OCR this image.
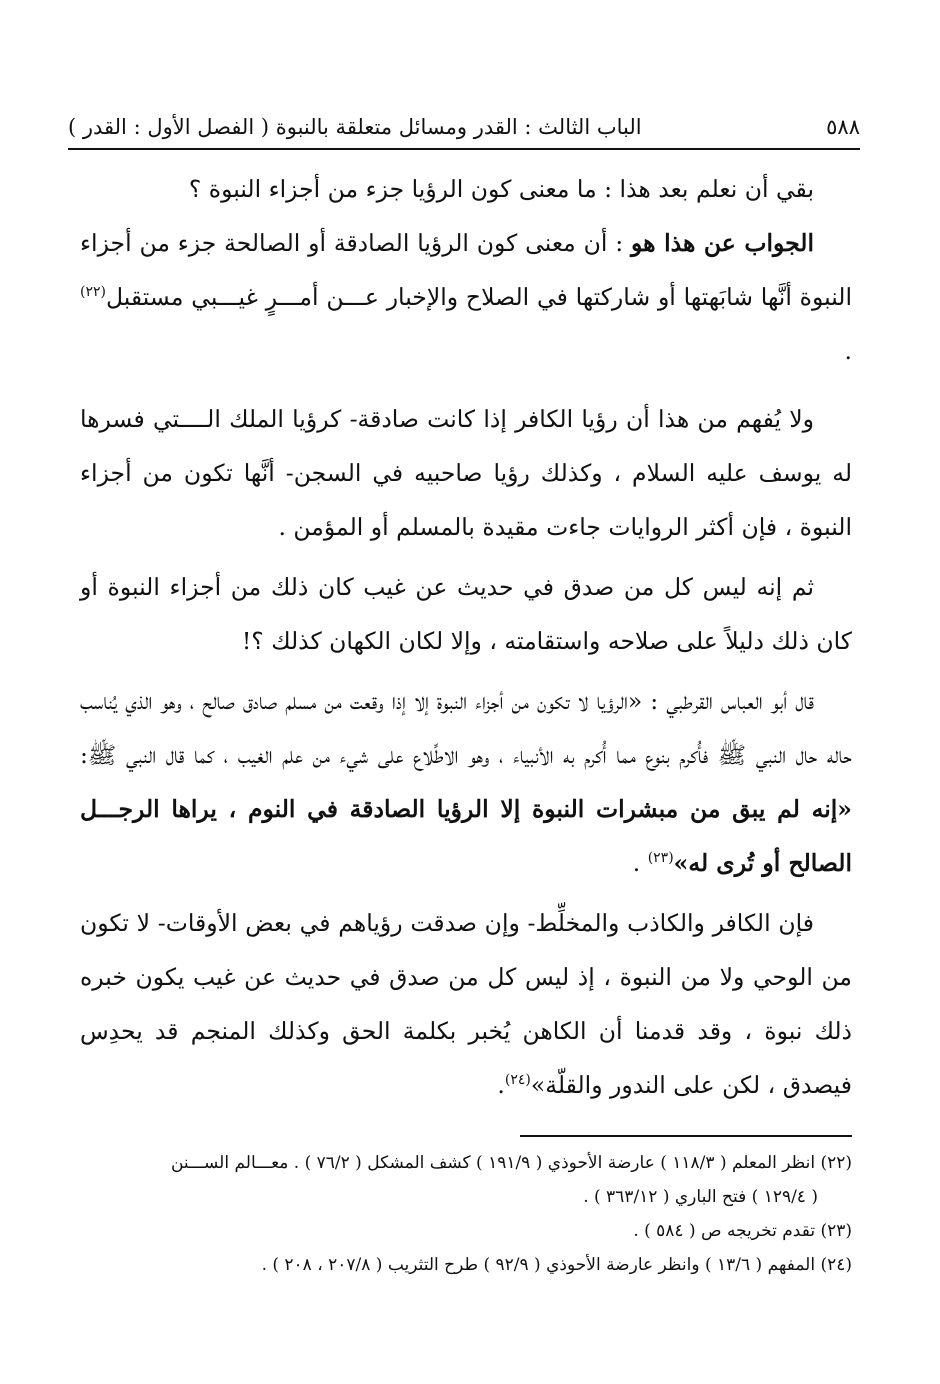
٥٨٨
الباب الثالث : القدر ومسائل متعلقة بالنبوة ( الفصل الأول : القدر )

بقي أن نعلم بعد هذا : ما معنى كون الرؤيا جزء من أجزاء النبوة ؟

الجواب عن هذا هو : أن معنى كون الرؤيا الصادقة أو الصالحة جزء من أجزاء النبوة أنَّها شابَهتها أو شاركتها في الصلاح والإخبار عـــن أمـــرٍ غيـــبي مستقبل$^{(٢٢)}$ .

ولا يُفهم من هذا أن رؤيا الكافر إذا كانت صادقة- كرؤيا الملك الــــتي فسرها له يوسف عليه السلام ، وكذلك رؤيا صاحبيه في السجن- أنَّها تكون من أجزاء النبوة ، فإن أكثر الروايات جاءت مقيدة بالمسلم أو المؤمن .

ثم إنه ليس كل من صدق في حديث عن غيب كان ذلك من أجزاء النبوة أو كان ذلك دليلاً على صلاحه واستقامته ، وإلا لكان الكهان كذلك ؟!

قال أبو العباس القرطبي : «الرؤيا لا تكون من أجزاء النبوة إلا إذا وقعت من مسلم صادق صالح ، وهو الذي يُناسب حاله حال النبي ﷺ فأُكرم بنوع مما أُكرم به الأنبياء ، وهو الاطِّلاع على شيء من علم الغيب ، كما قال النبي ﷺ: «إنه لم يبق من مبشرات النبوة إلا الرؤيا الصادقة في النوم ، يراها الرجـــل الصالح أو تُرى له»$^{(٢٣)}$ .

فإن الكافر والكاذب والمخلِّط- وإن صدقت رؤياهم في بعض الأوقات- لا تكون من الوحي ولا من النبوة ، إذ ليس كل من صدق في حديث عن غيب يكون خبره ذلك نبوة ، وقد قدمنا أن الكاهن يُخبر بكلمة الحق وكذلك المنجم قد يحدِس فيصدق ، لكن على الندور والقلّة»$^{(٢٤)}$.

(٢٢) انظر المعلم ( ١١٨/٣ ) عارضة الأحوذي ( ١٩١/٩ ) كشف المشكل ( ٧٦/٢ ) . معـــالم الســـنن
( ١٢٩/٤ ) فتح الباري ( ٣٦٣/١٢ ) .

(٢٣) تقدم تخريجه ص ( ٥٨٤ ) .

(٢٤) المفهم ( ١٣/٦ ) وانظر عارضة الأحوذي ( ٩٢/٩ ) طرح التثريب ( ٢٠٧/٨ ، ٢٠٨ ) .
